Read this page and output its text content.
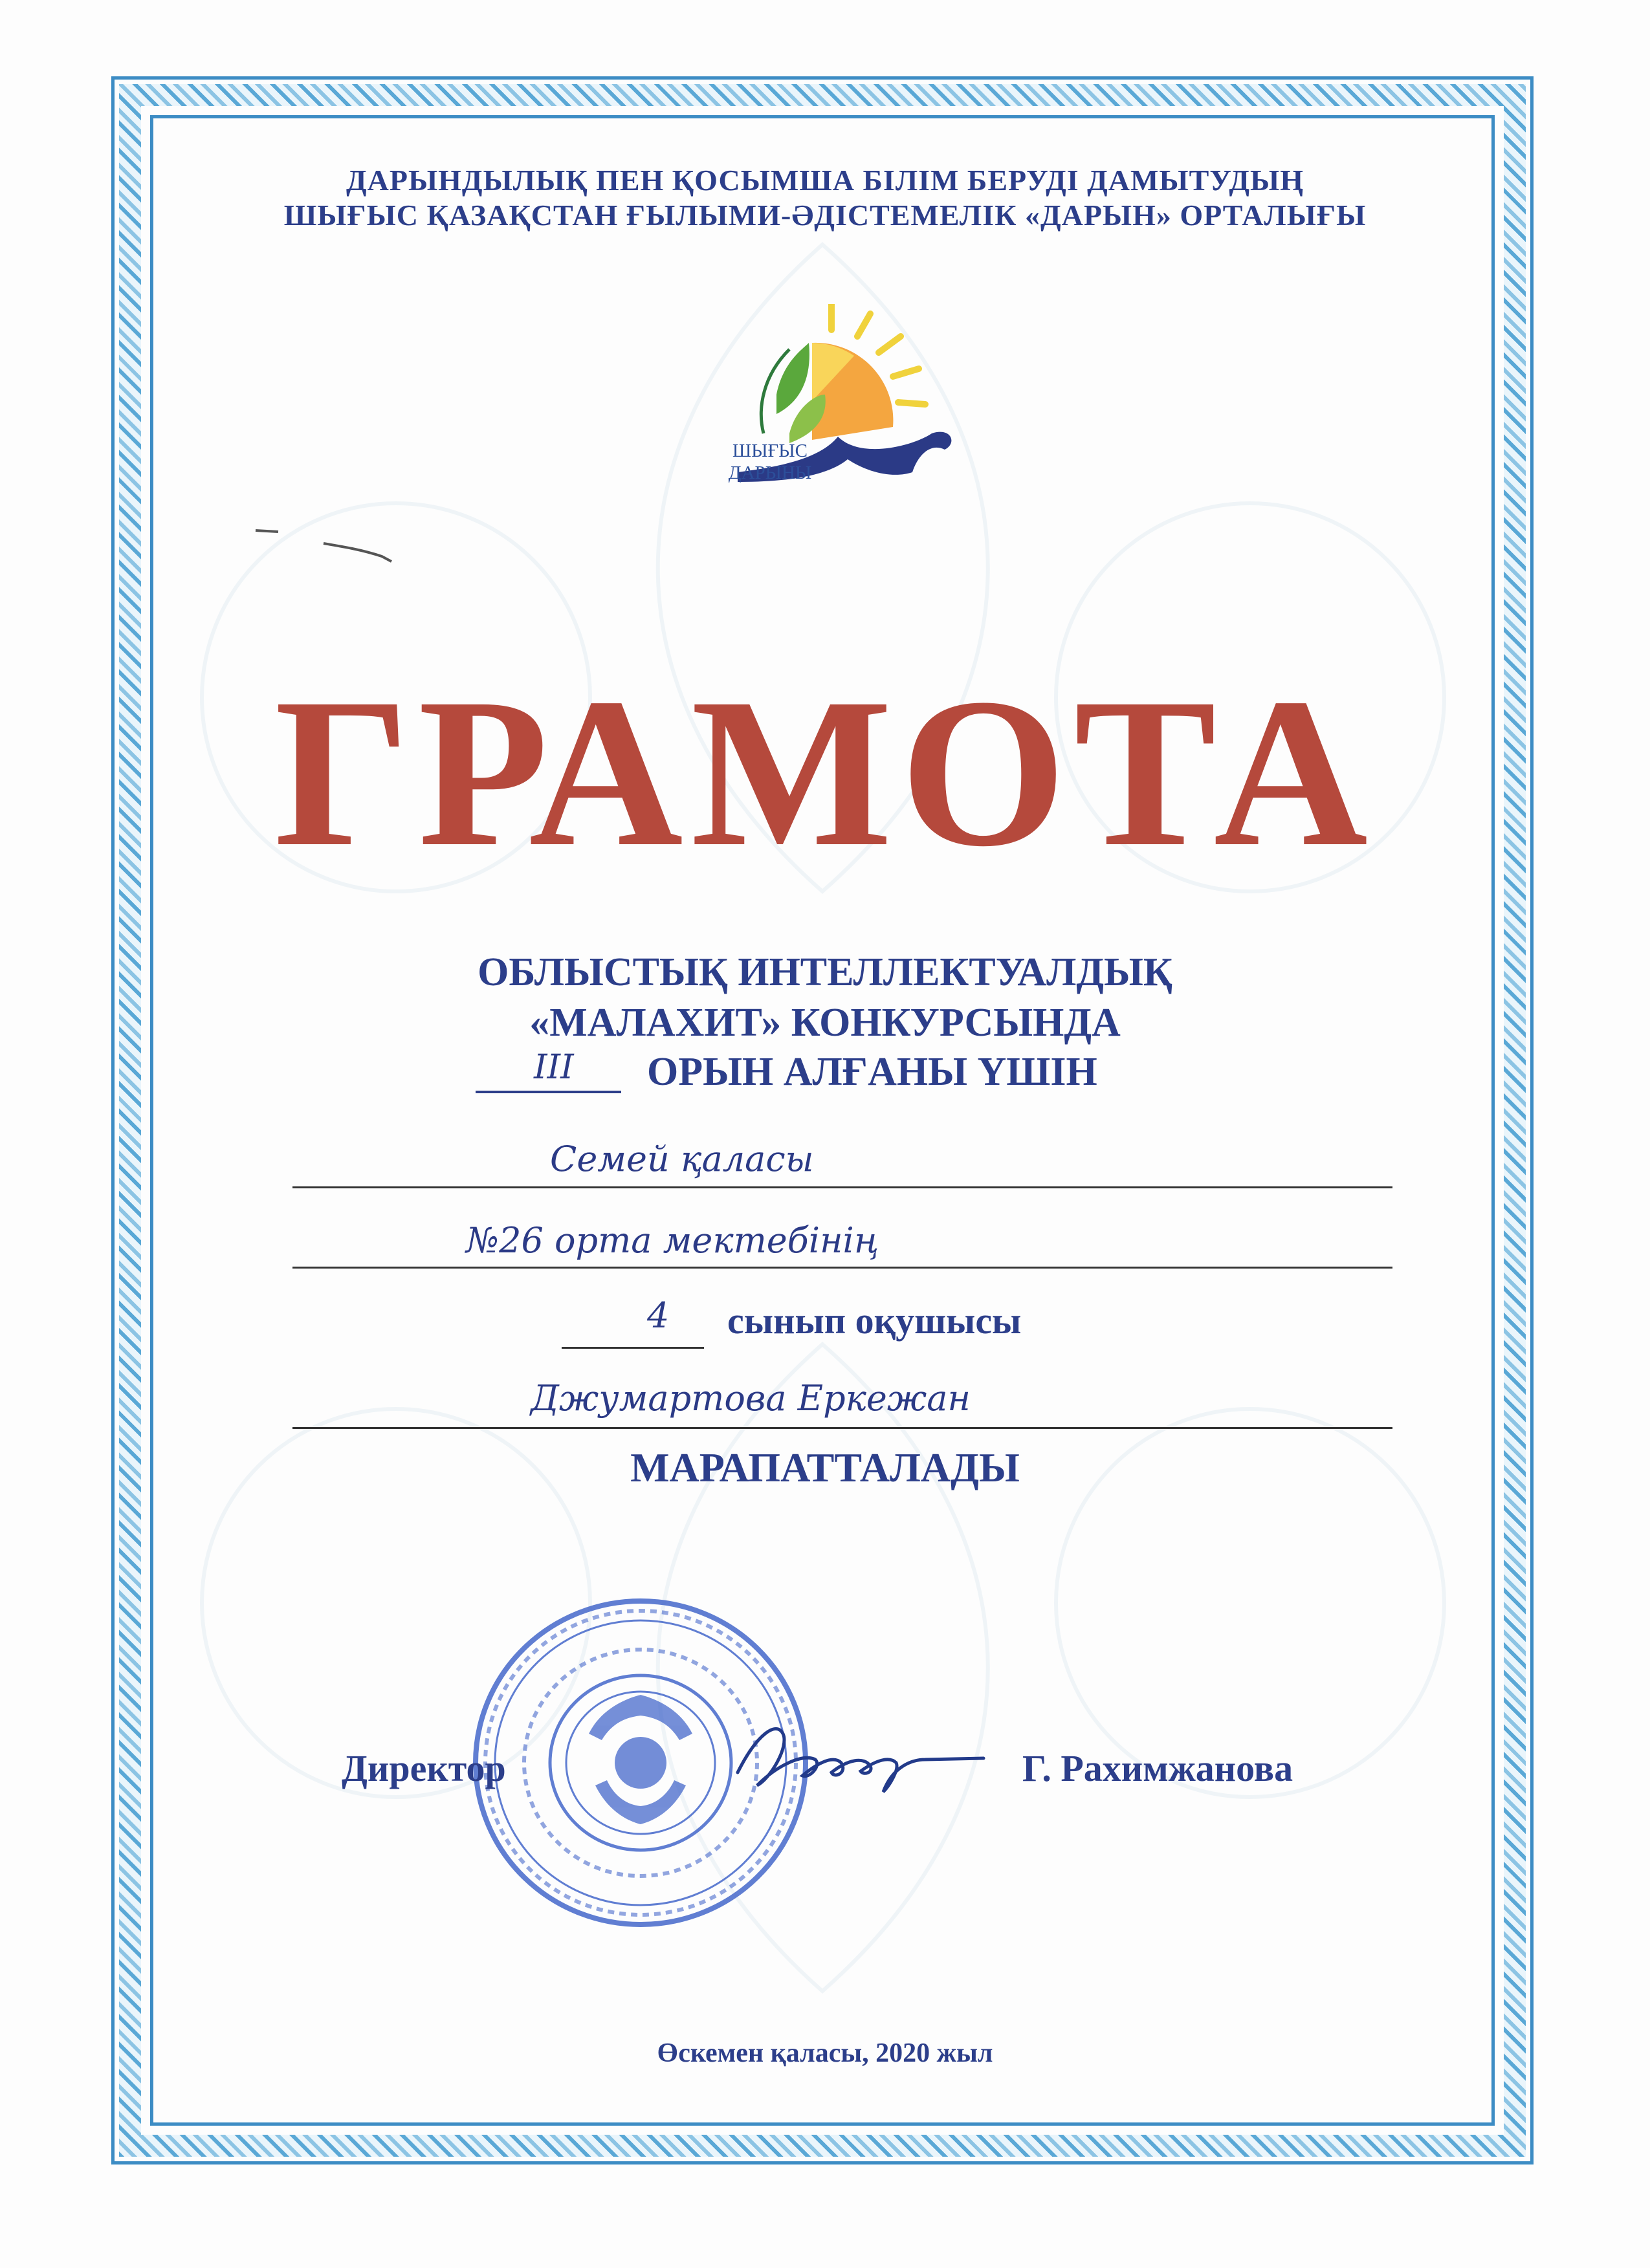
ДАРЫНДЫЛЫҚ ПЕН ҚОСЫМША БІЛІМ БЕРУДІ ДАМЫТУДЫҢ
ШЫҒЫС ҚАЗАҚСТАН ҒЫЛЫМИ-ӘДІСТЕМЕЛІК «ДАРЫН» ОРТАЛЫҒЫ
ШЫҒЫС
ДАРЫНЫ
ГРАМОТА
ОБЛЫСТЫҚ ИНТЕЛЛЕКТУАЛДЫҚ
«МАЛАХИТ» КОНКУРСЫНДА
ОРЫН АЛҒАНЫ ҮШІН
III
Семей қаласы
№26 орта мектебінің
4 сынып оқушысы
Джумартова Еркежан
МАРАПАТТАЛАДЫ
Директор	Г. Рахимжанова
Өскемен қаласы, 2020 жыл
